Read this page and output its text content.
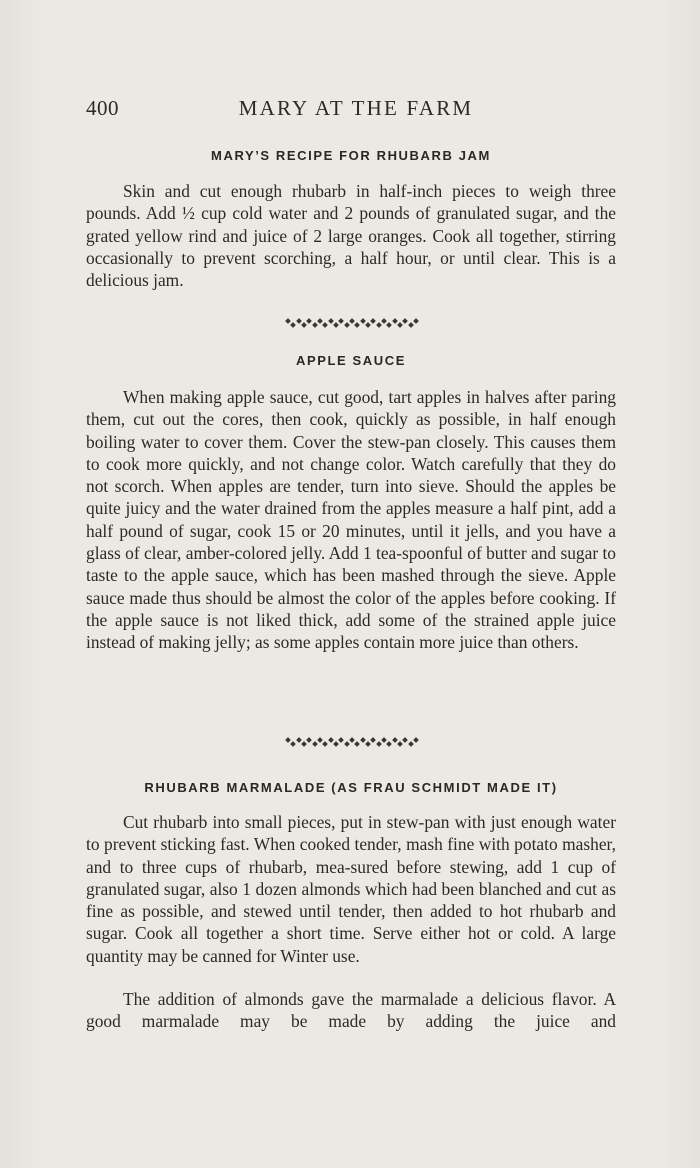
400	MARY AT THE FARM
MARY’S RECIPE FOR RHUBARB JAM

Skin and cut enough rhubarb in half-inch pieces to weigh three pounds. Add ½ cup cold water and 2 pounds of granulated sugar, and the grated yellow rind and juice of 2 large oranges. Cook all together, stirring occasionally to prevent scorching, a half hour, or until clear. This is a delicious jam.

APPLE SAUCE

When making apple sauce, cut good, tart apples in halves after paring them, cut out the cores, then cook, quickly as possible, in half enough boiling water to cover them. Cover the stew-pan closely. This causes them to cook more quickly, and not change color. Watch carefully that they do not scorch. When apples are tender, turn into sieve. Should the apples be quite juicy and the water drained from the apples measure a half pint, add a half pound of sugar, cook 15 or 20 minutes, until it jells, and you have a glass of clear, amber-colored jelly. Add 1 tea-spoonful of butter and sugar to taste to the apple sauce, which has been mashed through the sieve. Apple sauce made thus should be almost the color of the apples before cooking. If the apple sauce is not liked thick, add some of the strained apple juice instead of making jelly; as some apples contain more juice than others.

RHUBARB MARMALADE (AS FRAU SCHMIDT MADE IT)

Cut rhubarb into small pieces, put in stew-pan with just enough water to prevent sticking fast. When cooked tender, mash fine with potato masher, and to three cups of rhubarb, mea-sured before stewing, add 1 cup of granulated sugar, also 1 dozen almonds which had been blanched and cut as fine as possible, and stewed until tender, then added to hot rhubarb and sugar. Cook all together a short time. Serve either hot or cold. A large quantity may be canned for Winter use.

The addition of almonds gave the marmalade a delicious flavor. A good marmalade may be made by adding the juice and
